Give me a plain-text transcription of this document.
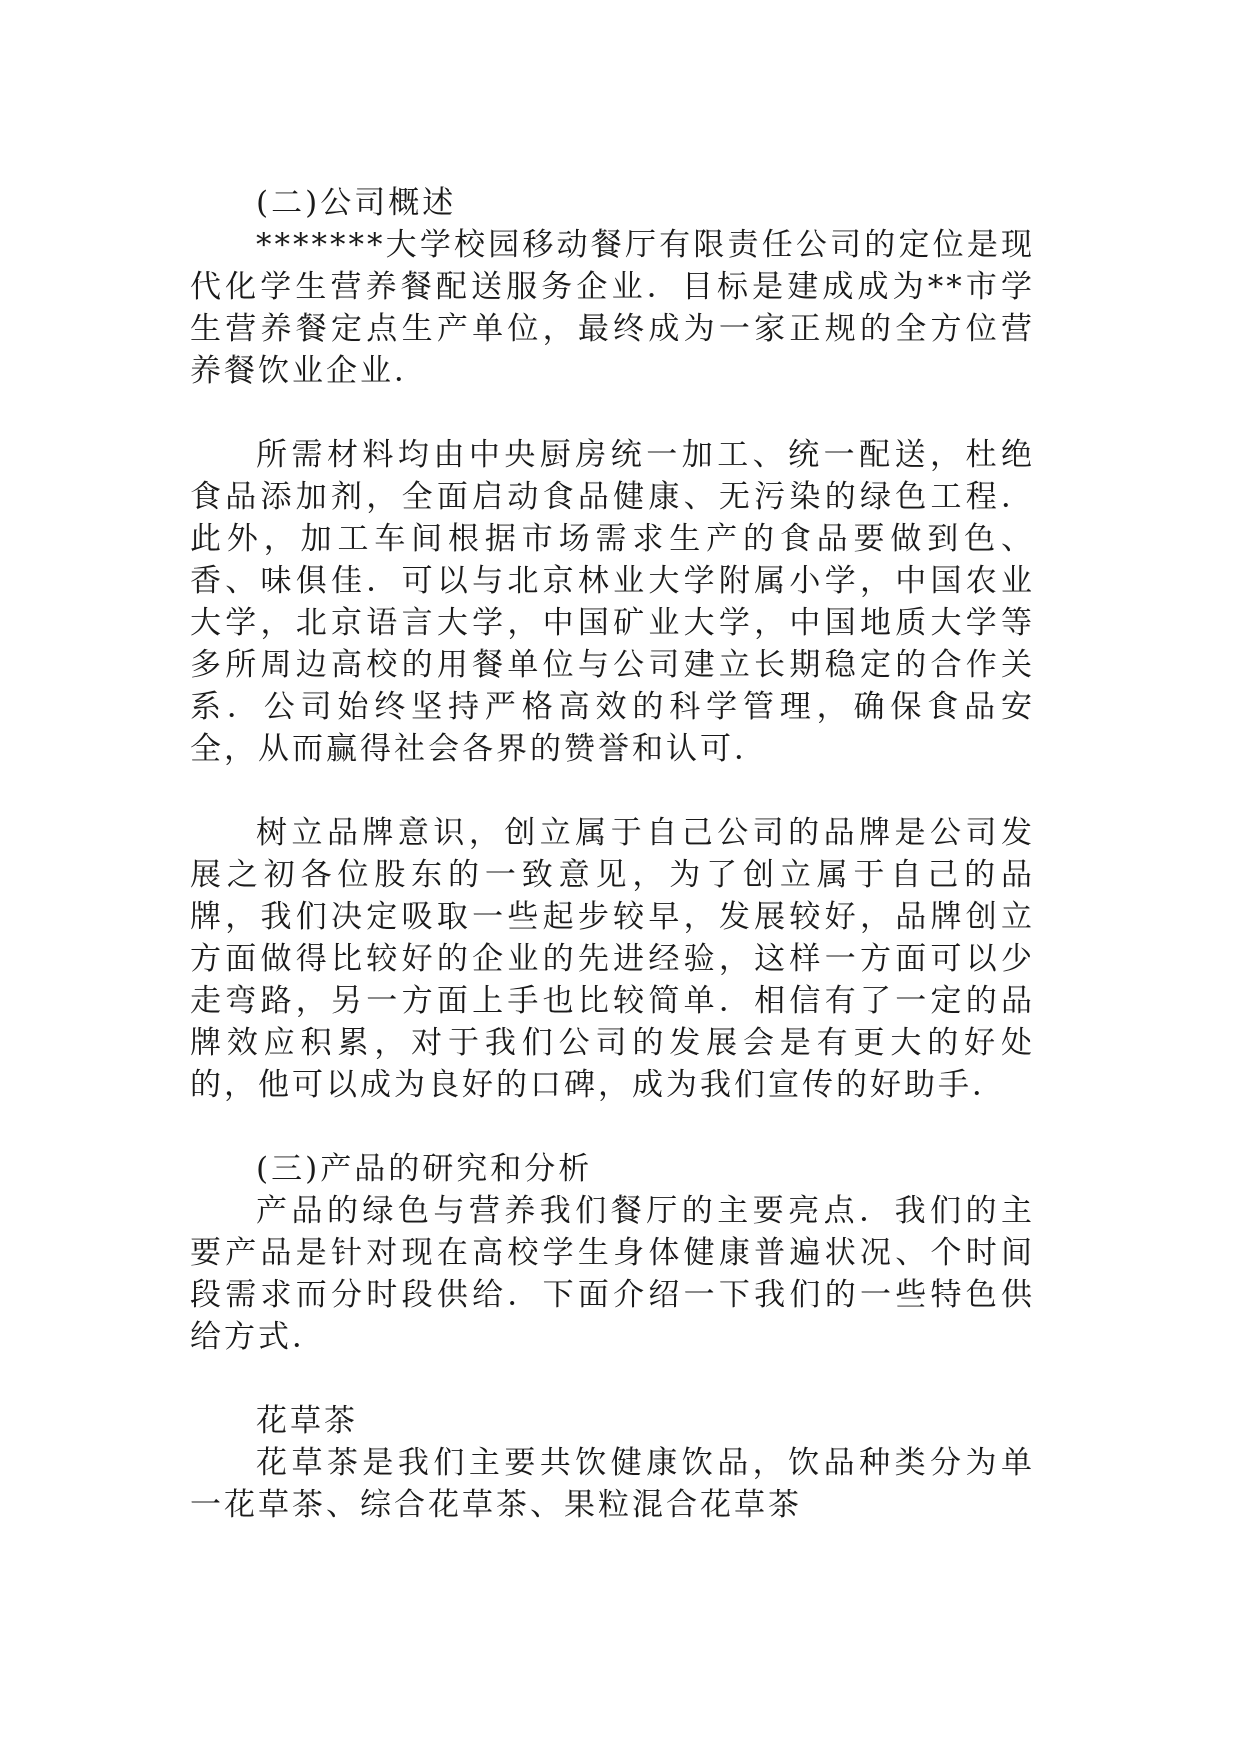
(二)公司概述

*******大学校园移动餐厅有限责任公司的定位是现代化学生营养餐配送服务企业．目标是建成成为**市学生营养餐定点生产单位，最终成为一家正规的全方位营养餐饮业企业．

所需材料均由中央厨房统一加工、统一配送，杜绝食品添加剂，全面启动食品健康、无污染的绿色工程．此外，加工车间根据市场需求生产的食品要做到色、香、味俱佳．可以与北京林业大学附属小学，中国农业大学，北京语言大学，中国矿业大学，中国地质大学等多所周边高校的用餐单位与公司建立长期稳定的合作关系．公司始终坚持严格高效的科学管理，确保食品安全，从而赢得社会各界的赞誉和认可．

树立品牌意识，创立属于自己公司的品牌是公司发展之初各位股东的一致意见，为了创立属于自己的品牌，我们决定吸取一些起步较早，发展较好，品牌创立方面做得比较好的企业的先进经验，这样一方面可以少走弯路，另一方面上手也比较简单．相信有了一定的品牌效应积累，对于我们公司的发展会是有更大的好处的，他可以成为良好的口碑，成为我们宣传的好助手．

(三)产品的研究和分析

产品的绿色与营养我们餐厅的主要亮点．我们的主要产品是针对现在高校学生身体健康普遍状况、个时间段需求而分时段供给．下面介绍一下我们的一些特色供给方式．

花草茶

花草茶是我们主要共饮健康饮品，饮品种类分为单一花草茶、综合花草茶、果粒混合花草茶
